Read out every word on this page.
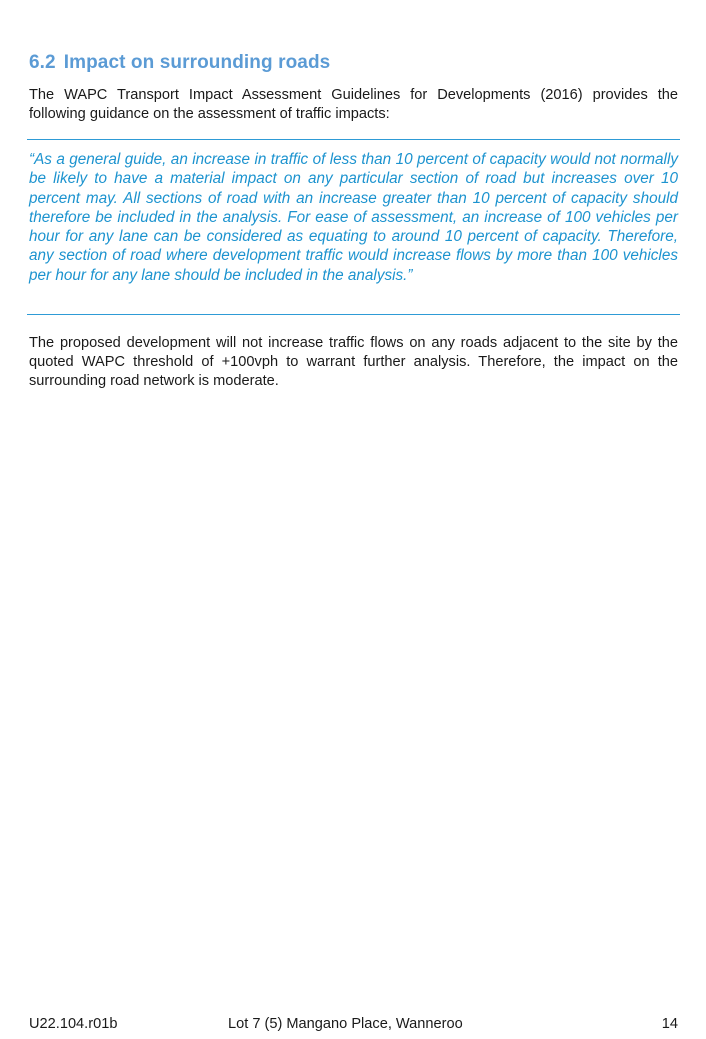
6.2 Impact on surrounding roads

The WAPC Transport Impact Assessment Guidelines for Developments (2016) provides the following guidance on the assessment of traffic impacts:

“As a general guide, an increase in traffic of less than 10 percent of capacity would not normally be likely to have a material impact on any particular section of road but increases over 10 percent may. All sections of road with an increase greater than 10 percent of capacity should therefore be included in the analysis. For ease of assessment, an increase of 100 vehicles per hour for any lane can be considered as equating to around 10 percent of capacity. Therefore, any section of road where development traffic would increase flows by more than 100 vehicles per hour for any lane should be included in the analysis.”

The proposed development will not increase traffic flows on any roads adjacent to the site by the quoted WAPC threshold of +100vph to warrant further analysis. Therefore, the impact on the surrounding road network is moderate.

U22.104.r01b	Lot 7 (5) Mangano Place, Wanneroo	14
